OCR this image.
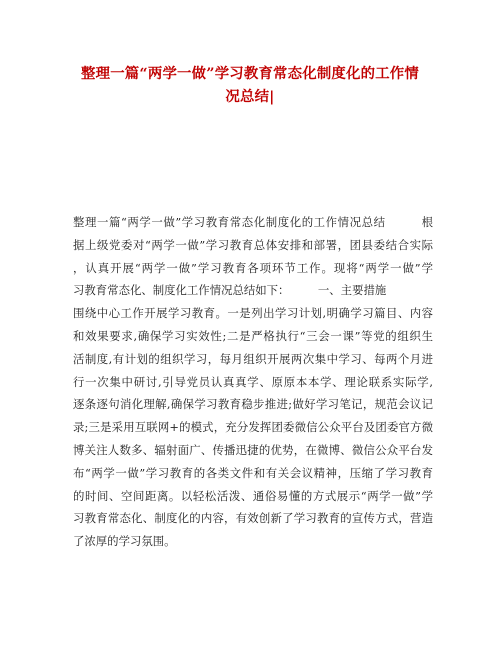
整理一篇“两学一做”学习教育常态化制度化的工作情
况总结|
整理一篇“两学一做”学习教育常态化制度化的工作情况总结　　　根
据上级党委对“两学一做”学习教育总体安排和部署，团县委结合实际
，认真开展“两学一做”学习教育各项环节工作。现将“两学一做”学
习教育常态化、制度化工作情况总结如下：　　　一、主要措施
围绕中心工作开展学习教育。一是列出学习计划,明确学习篇目、内容
和效果要求,确保学习实效性;二是严格执行“三会一课”等党的组织生
活制度,有计划的组织学习，每月组织开展两次集中学习、每两个月进
行一次集中研讨,引导党员认真真学、原原本本学、理论联系实际学,
逐条逐句消化理解,确保学习教育稳步推进;做好学习笔记，规范会议记
录;三是采用互联网+的模式，充分发挥团委微信公众平台及团委官方微
博关注人数多、辐射面广、传播迅捷的优势，在微博、微信公众平台发
布“两学一做”学习教育的各类文件和有关会议精神，压缩了学习教育
的时间、空间距离。以轻松活泼、通俗易懂的方式展示“两学一做”学
习教育常态化、制度化的内容，有效创新了学习教育的宣传方式，营造
了浓厚的学习氛围。
